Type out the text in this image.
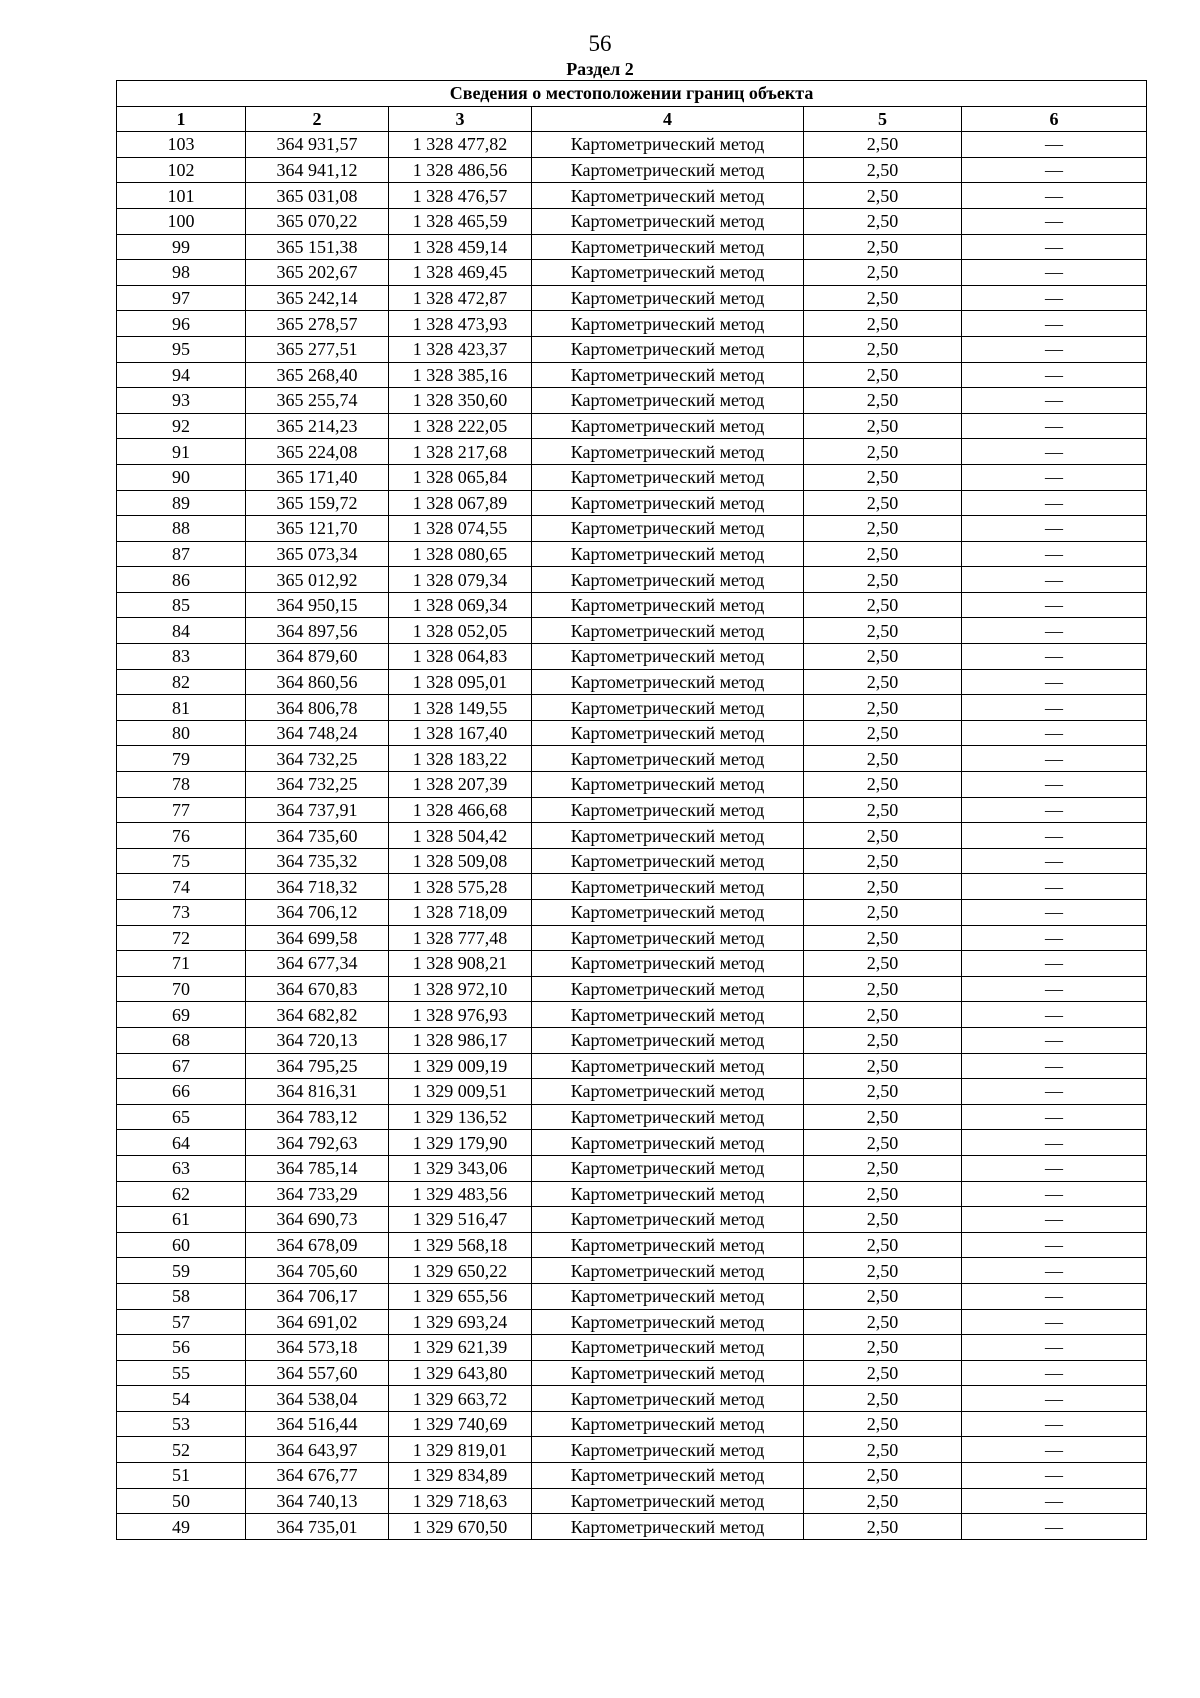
56
Раздел 2
Сведения о местоположении границ объекта					
1	2	3	4	5	6
103	364 931,57	1 328 477,82	Картометрический метод	2,50	—
102	364 941,12	1 328 486,56	Картометрический метод	2,50	—
101	365 031,08	1 328 476,57	Картометрический метод	2,50	—
100	365 070,22	1 328 465,59	Картометрический метод	2,50	—
99	365 151,38	1 328 459,14	Картометрический метод	2,50	—
98	365 202,67	1 328 469,45	Картометрический метод	2,50	—
97	365 242,14	1 328 472,87	Картометрический метод	2,50	—
96	365 278,57	1 328 473,93	Картометрический метод	2,50	—
95	365 277,51	1 328 423,37	Картометрический метод	2,50	—
94	365 268,40	1 328 385,16	Картометрический метод	2,50	—
93	365 255,74	1 328 350,60	Картометрический метод	2,50	—
92	365 214,23	1 328 222,05	Картометрический метод	2,50	—
91	365 224,08	1 328 217,68	Картометрический метод	2,50	—
90	365 171,40	1 328 065,84	Картометрический метод	2,50	—
89	365 159,72	1 328 067,89	Картометрический метод	2,50	—
88	365 121,70	1 328 074,55	Картометрический метод	2,50	—
87	365 073,34	1 328 080,65	Картометрический метод	2,50	—
86	365 012,92	1 328 079,34	Картометрический метод	2,50	—
85	364 950,15	1 328 069,34	Картометрический метод	2,50	—
84	364 897,56	1 328 052,05	Картометрический метод	2,50	—
83	364 879,60	1 328 064,83	Картометрический метод	2,50	—
82	364 860,56	1 328 095,01	Картометрический метод	2,50	—
81	364 806,78	1 328 149,55	Картометрический метод	2,50	—
80	364 748,24	1 328 167,40	Картометрический метод	2,50	—
79	364 732,25	1 328 183,22	Картометрический метод	2,50	—
78	364 732,25	1 328 207,39	Картометрический метод	2,50	—
77	364 737,91	1 328 466,68	Картометрический метод	2,50	—
76	364 735,60	1 328 504,42	Картометрический метод	2,50	—
75	364 735,32	1 328 509,08	Картометрический метод	2,50	—
74	364 718,32	1 328 575,28	Картометрический метод	2,50	—
73	364 706,12	1 328 718,09	Картометрический метод	2,50	—
72	364 699,58	1 328 777,48	Картометрический метод	2,50	—
71	364 677,34	1 328 908,21	Картометрический метод	2,50	—
70	364 670,83	1 328 972,10	Картометрический метод	2,50	—
69	364 682,82	1 328 976,93	Картометрический метод	2,50	—
68	364 720,13	1 328 986,17	Картометрический метод	2,50	—
67	364 795,25	1 329 009,19	Картометрический метод	2,50	—
66	364 816,31	1 329 009,51	Картометрический метод	2,50	—
65	364 783,12	1 329 136,52	Картометрический метод	2,50	—
64	364 792,63	1 329 179,90	Картометрический метод	2,50	—
63	364 785,14	1 329 343,06	Картометрический метод	2,50	—
62	364 733,29	1 329 483,56	Картометрический метод	2,50	—
61	364 690,73	1 329 516,47	Картометрический метод	2,50	—
60	364 678,09	1 329 568,18	Картометрический метод	2,50	—
59	364 705,60	1 329 650,22	Картометрический метод	2,50	—
58	364 706,17	1 329 655,56	Картометрический метод	2,50	—
57	364 691,02	1 329 693,24	Картометрический метод	2,50	—
56	364 573,18	1 329 621,39	Картометрический метод	2,50	—
55	364 557,60	1 329 643,80	Картометрический метод	2,50	—
54	364 538,04	1 329 663,72	Картометрический метод	2,50	—
53	364 516,44	1 329 740,69	Картометрический метод	2,50	—
52	364 643,97	1 329 819,01	Картометрический метод	2,50	—
51	364 676,77	1 329 834,89	Картометрический метод	2,50	—
50	364 740,13	1 329 718,63	Картометрический метод	2,50	—
49	364 735,01	1 329 670,50	Картометрический метод	2,50	—
